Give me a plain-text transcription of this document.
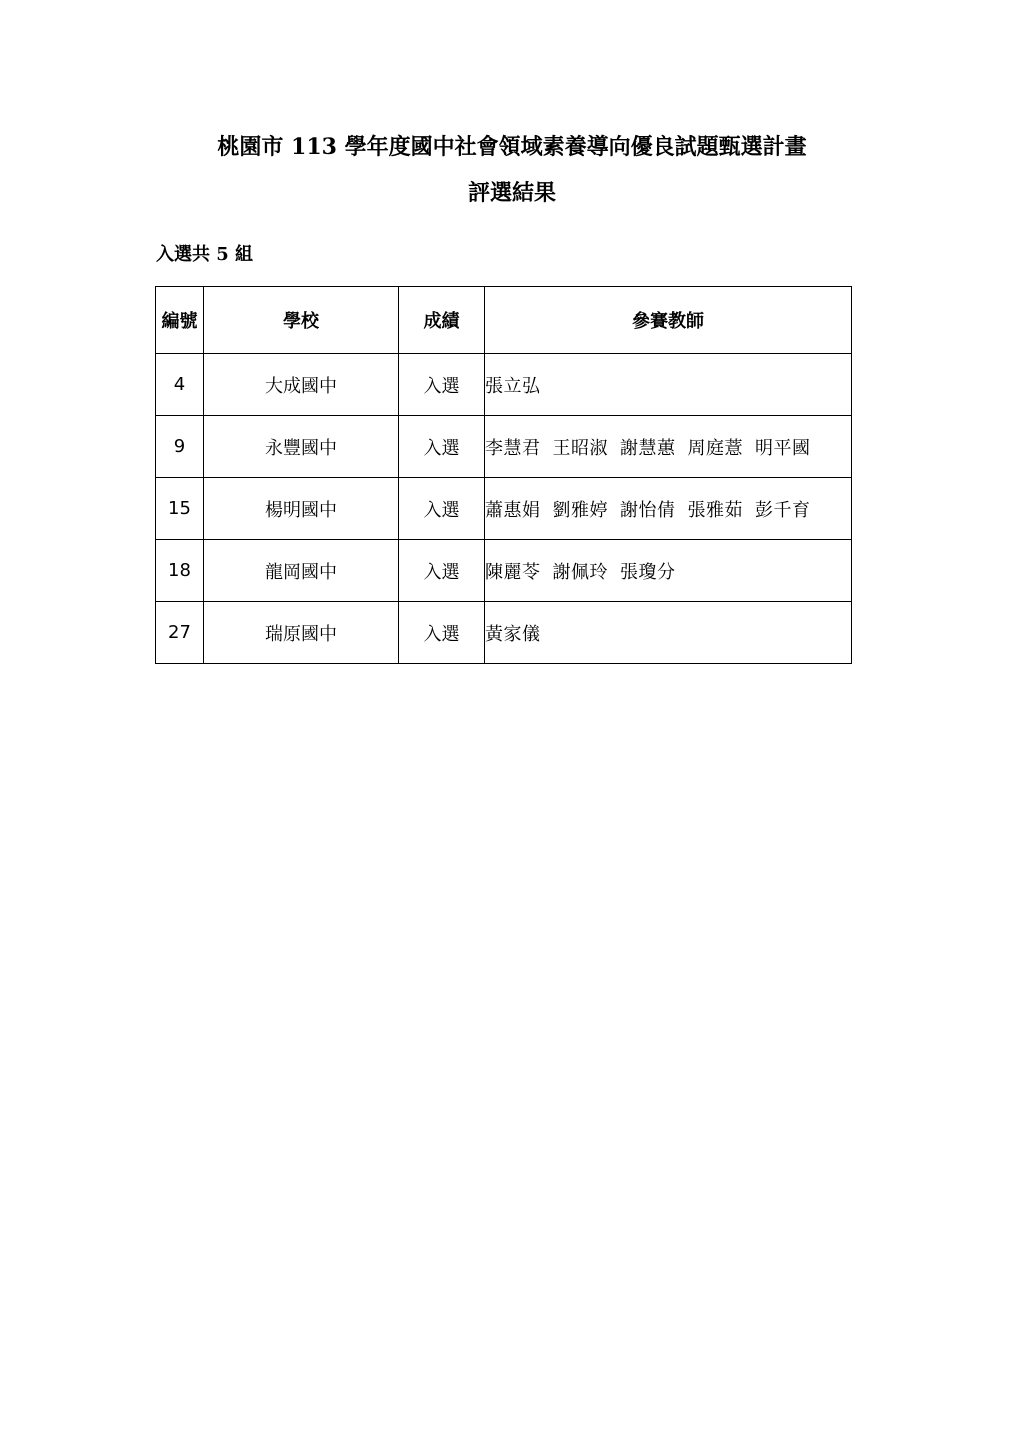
桃園市 113 學年度國中社會領域素養導向優良試題甄選計畫
評選結果
入選共 5 組
編號	學校	成績	參賽教師
4	大成國中	入選	張立弘
9	永豐國中	入選	李慧君 王昭淑 謝慧蕙 周庭薏 明平國
15	楊明國中	入選	蕭惠娟 劉雅婷 謝怡倩 張雅茹 彭千育
18	龍岡國中	入選	陳麗苓 謝佩玲 張瓊分
27	瑞原國中	入選	黃家儀
